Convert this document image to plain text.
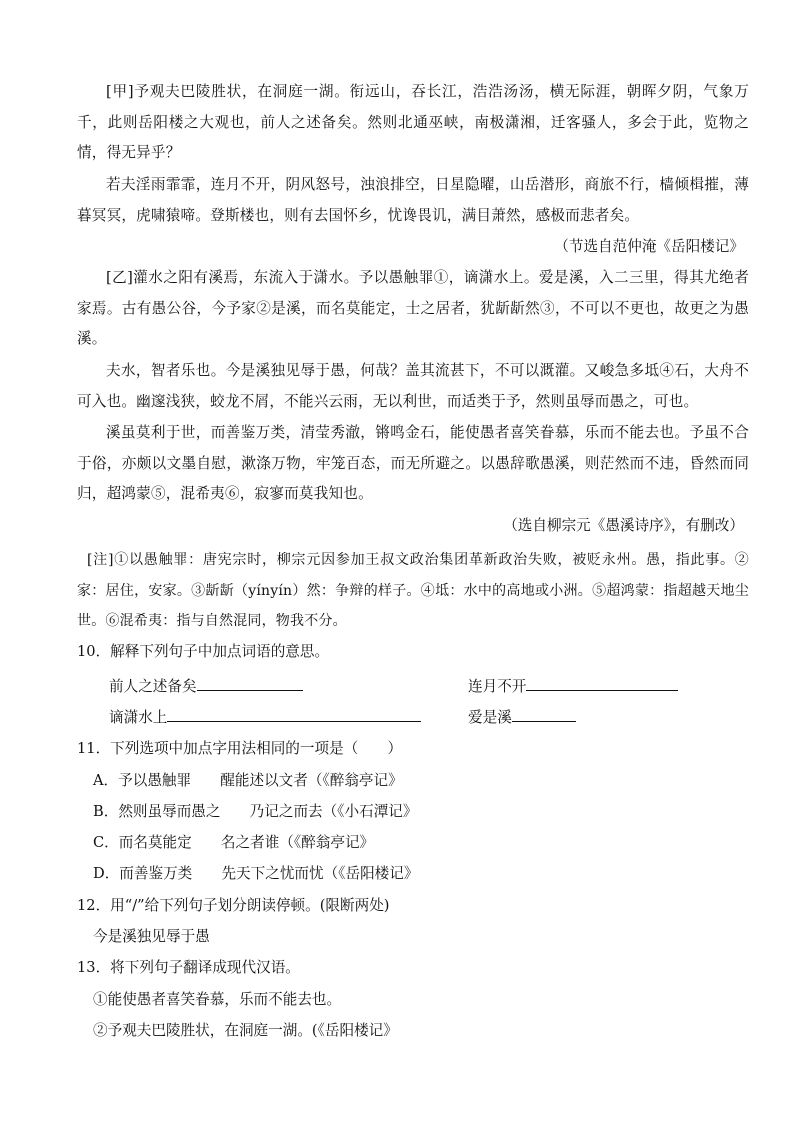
[甲]予观夫巴陵胜状，在洞庭一湖。衔远山，吞长江，浩浩汤汤，横无际涯，朝晖夕阴，气象万千，此则岳阳楼之大观也，前人之述备矣。然则北通巫峡，南极潇湘，迁客骚人，多会于此，览物之情，得无异乎？

若夫淫雨霏霏，连月不开，阴风怒号，浊浪排空，日星隐曜，山岳潜形，商旅不行，樯倾楫摧，薄暮冥冥，虎啸猿啼。登斯楼也，则有去国怀乡，忧谗畏讥，满目萧然，感极而悲者矣。

（节选自范仲淹《岳阳楼记》

[乙]灌水之阳有溪焉，东流入于潇水。予以愚触罪①，谪潇水上。爱是溪，入二三里，得其尤绝者家焉。古有愚公谷，今予家②是溪，而名莫能定，士之居者，犹龂龂然③，不可以不更也，故更之为愚溪。

夫水，智者乐也。今是溪独见辱于愚，何哉？盖其流甚下，不可以溉灌。又峻急多坻④石，大舟不可入也。幽邃浅狭，蛟龙不屑，不能兴云雨，无以利世，而适类于予，然则虽辱而愚之，可也。

溪虽莫利于世，而善鉴万类，清莹秀澈，锵鸣金石，能使愚者喜笑眷慕，乐而不能去也。予虽不合于俗，亦颇以文墨自慰，漱涤万物，牢笼百态，而无所避之。以愚辞歌愚溪，则茫然而不违，昏然而同归，超鸿蒙⑤，混希夷⑥，寂寥而莫我知也。

（选自柳宗元《愚溪诗序》，有删改）

[注]①以愚触罪：唐宪宗时，柳宗元因参加王叔文政治集团革新政治失败，被贬永州。愚，指此事。②家：居住，安家。③龂龂（yínyín）然：争辩的样子。④坻：水中的高地或小洲。⑤超鸿蒙：指超越天地尘世。⑥混希夷：指与自然混同，物我不分。

10．解释下列句子中加点词语的意思。

前人之述备矣	连月不开

谪潇水上	爱是溪

11．下列选项中加点字用法相同的一项是（　　）

A．予以愚触罪　　醒能述以文者（《醉翁亭记》

B．然则虽辱而愚之　　乃记之而去（《小石潭记》

C．而名莫能定　　名之者谁（《醉翁亭记》

D．而善鉴万类　　先天下之忧而忧（《岳阳楼记》

12．用“/”给下列句子划分朗读停顿。(限断两处)

今是溪独见辱于愚

13．将下列句子翻译成现代汉语。

①能使愚者喜笑眷慕，乐而不能去也。

②予观夫巴陵胜状，在洞庭一湖。(《岳阳楼记》
